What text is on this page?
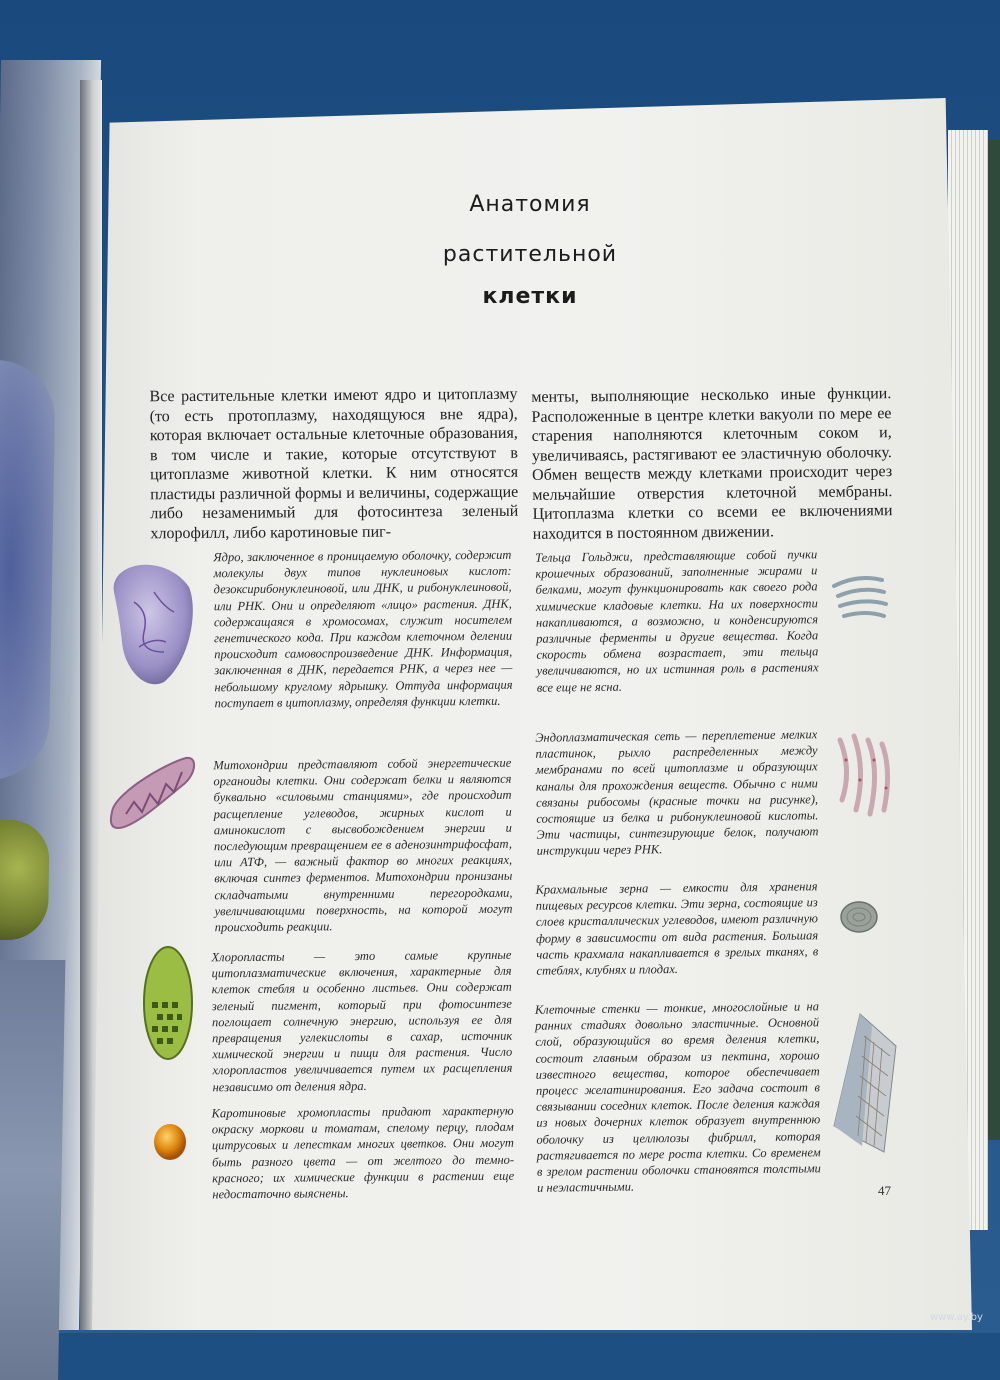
Анатомия
растительной
клетки
Все растительные клетки имеют ядро и цитоплазму (то есть протоплазму, находящуюся вне ядра), которая включает остальные клеточные образования, в том числе и такие, которые отсутствуют в цитоплазме животной клетки. К ним относятся пластиды различной формы и величины, содержащие либо незаменимый для фотосинтеза зеленый хлорофилл, либо каротиновые пиг-
менты, выполняющие несколько иные функции. Расположенные в центре клетки вакуоли по мере ее старения наполняются клеточным соком и, увеличиваясь, растягивают ее эластичную оболочку. Обмен веществ между клетками происходит через мельчайшие отверстия клеточной мембраны. Цитоплазма клетки со всеми ее включениями находится в постоянном движении.
Ядро, заключенное в проницаемую оболочку, содержит молекулы двух типов нуклеиновых кислот: дезоксирибонуклеиновой, или ДНК, и рибонуклеиновой, или РНК. Они и определяют «лицо» растения. ДНК, содержащаяся в хромосомах, служит носителем генетического кода. При каждом клеточном делении происходит самовоспроизведение ДНК. Информация, заключенная в ДНК, передается РНК, а через нее — небольшому круглому ядрышку. Оттуда информация поступает в цитоплазму, определяя функции клетки.
Митохондрии представляют собой энергетические органоиды клетки. Они содержат белки и являются буквально «силовыми станциями», где происходит расщепление углеводов, жирных кислот и аминокислот с высвобождением энергии и последующим превращением ее в аденозинтрифосфат, или АТФ, — важный фактор во многих реакциях, включая синтез ферментов. Митохондрии пронизаны складчатыми внутренними перегородками, увеличивающими поверхность, на которой могут происходить реакции.
Хлоропласты — это самые крупные цитоплазматические включения, характерные для клеток стебля и особенно листьев. Они содержат зеленый пигмент, который при фотосинтезе поглощает солнечную энергию, используя ее для превращения углекислоты в сахар, источник химической энергии и пищи для растения. Число хлоропластов увеличивается путем их расщепления независимо от деления ядра.
Каротиновые хромопласты придают характерную окраску моркови и томатам, спелому перцу, плодам цитрусовых и лепесткам многих цветков. Они могут быть разного цвета — от желтого до темно-красного; их химические функции в растении еще недостаточно выяснены.
Тельца Гольджи, представляющие собой пучки крошечных образований, заполненные жирами и белками, могут функционировать как своего рода химические кладовые клетки. На их поверхности накапливаются, а возможно, и конденсируются различные ферменты и другие вещества. Когда скорость обмена возрастает, эти тельца увеличиваются, но их истинная роль в растениях все еще не ясна.
Эндоплазматическая сеть — переплетение мелких пластинок, рыхло распределенных между мембранами по всей цитоплазме и образующих каналы для прохождения веществ. Обычно с ними связаны рибосомы (красные точки на рисунке), состоящие из белка и рибонуклеиновой кислоты. Эти частицы, синтезирующие белок, получают инструкции через РНК.
Крахмальные зерна — емкости для хранения пищевых ресурсов клетки. Эти зерна, состоящие из слоев кристаллических углеводов, имеют различную форму в зависимости от вида растения. Большая часть крахмала накапливается в зрелых тканях, в стеблях, клубнях и плодах.
Клеточные стенки — тонкие, многослойные и на ранних стадиях довольно эластичные. Основной слой, образующийся во время деления клетки, состоит главным образом из пектина, хорошо известного вещества, которое обеспечивает процесс желатинирования. Его задача состоит в связывании соседних клеток. После деления каждая из новых дочерних клеток образует внутреннюю оболочку из целлюлозы фибрилл, которая растягивается по мере роста клетки. Со временем в зрелом растении оболочки становятся толстыми и неэластичными.	47
www.ay.by
